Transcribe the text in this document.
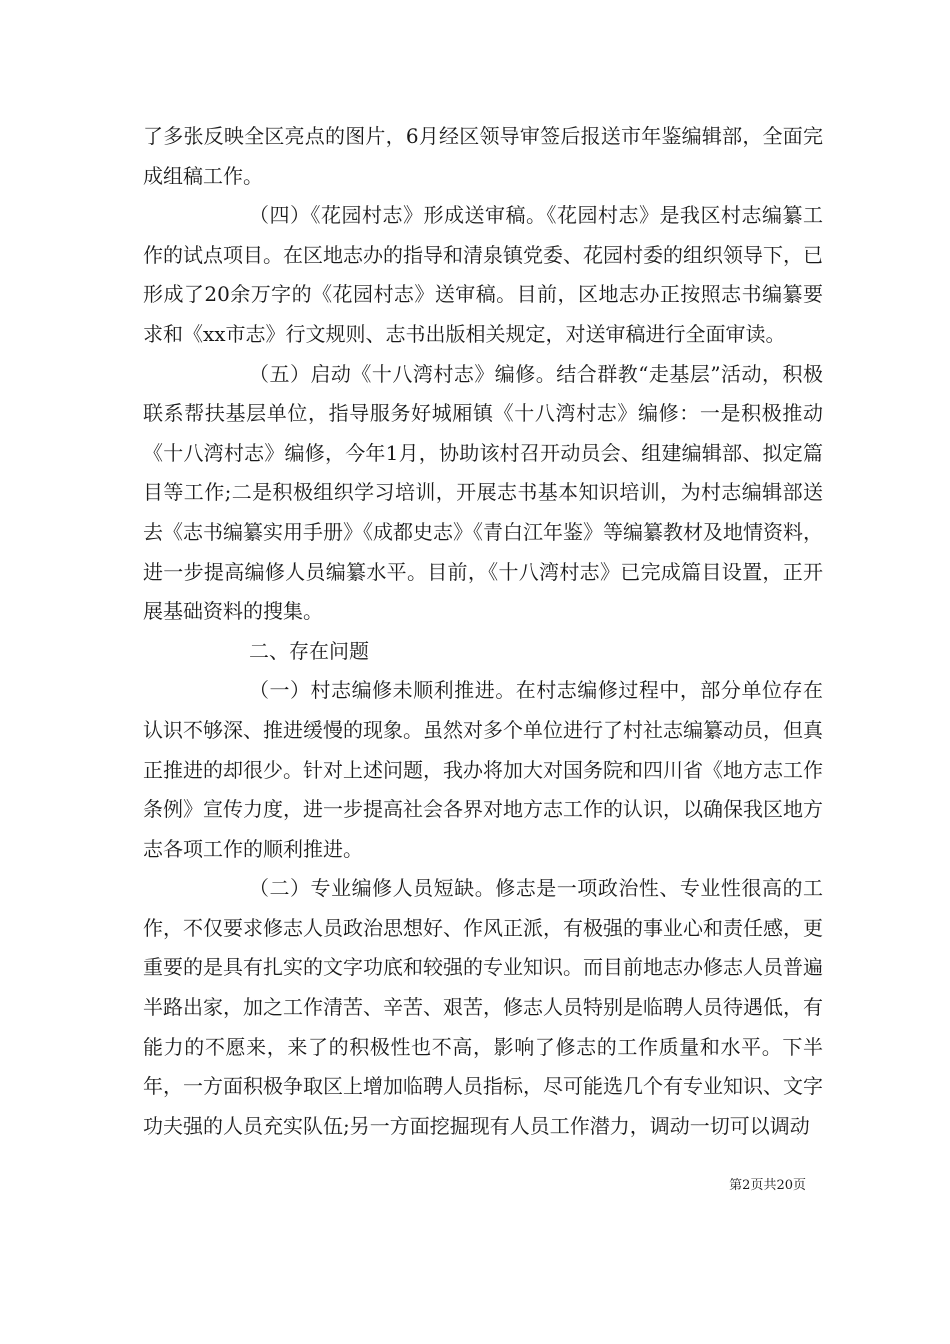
了多张反映全区亮点的图片，6月经区领导审签后报送市年鉴编辑部，全面完成组稿工作。

（四）《花园村志》形成送审稿。《花园村志》是我区村志编纂工作的试点项目。在区地志办的指导和清泉镇党委、花园村委的组织领导下，已形成了20余万字的《花园村志》送审稿。目前，区地志办正按照志书编纂要求和《xx市志》行文规则、志书出版相关规定，对送审稿进行全面审读。

（五）启动《十八湾村志》编修。结合群教“走基层”活动，积极联系帮扶基层单位，指导服务好城厢镇《十八湾村志》编修：一是积极推动《十八湾村志》编修，今年1月，协助该村召开动员会、组建编辑部、拟定篇目等工作;二是积极组织学习培训，开展志书基本知识培训，为村志编辑部送去《志书编纂实用手册》《成都史志》《青白江年鉴》等编纂教材及地情资料，进一步提高编修人员编纂水平。目前，《十八湾村志》已完成篇目设置，正开展基础资料的搜集。

二、存在问题

（一）村志编修未顺利推进。在村志编修过程中，部分单位存在认识不够深、推进缓慢的现象。虽然对多个单位进行了村社志编纂动员，但真正推进的却很少。针对上述问题，我办将加大对国务院和四川省《地方志工作条例》宣传力度，进一步提高社会各界对地方志工作的认识，以确保我区地方志各项工作的顺利推进。

（二）专业编修人员短缺。修志是一项政治性、专业性很高的工作，不仅要求修志人员政治思想好、作风正派，有极强的事业心和责任感，更重要的是具有扎实的文字功底和较强的专业知识。而目前地志办修志人员普遍半路出家，加之工作清苦、辛苦、艰苦，修志人员特别是临聘人员待遇低，有能力的不愿来，来了的积极性也不高，影响了修志的工作质量和水平。下半年，一方面积极争取区上增加临聘人员指标，尽可能选几个有专业知识、文字功夫强的人员充实队伍;另一方面挖掘现有人员工作潜力，调动一切可以调动

第2页共20页
